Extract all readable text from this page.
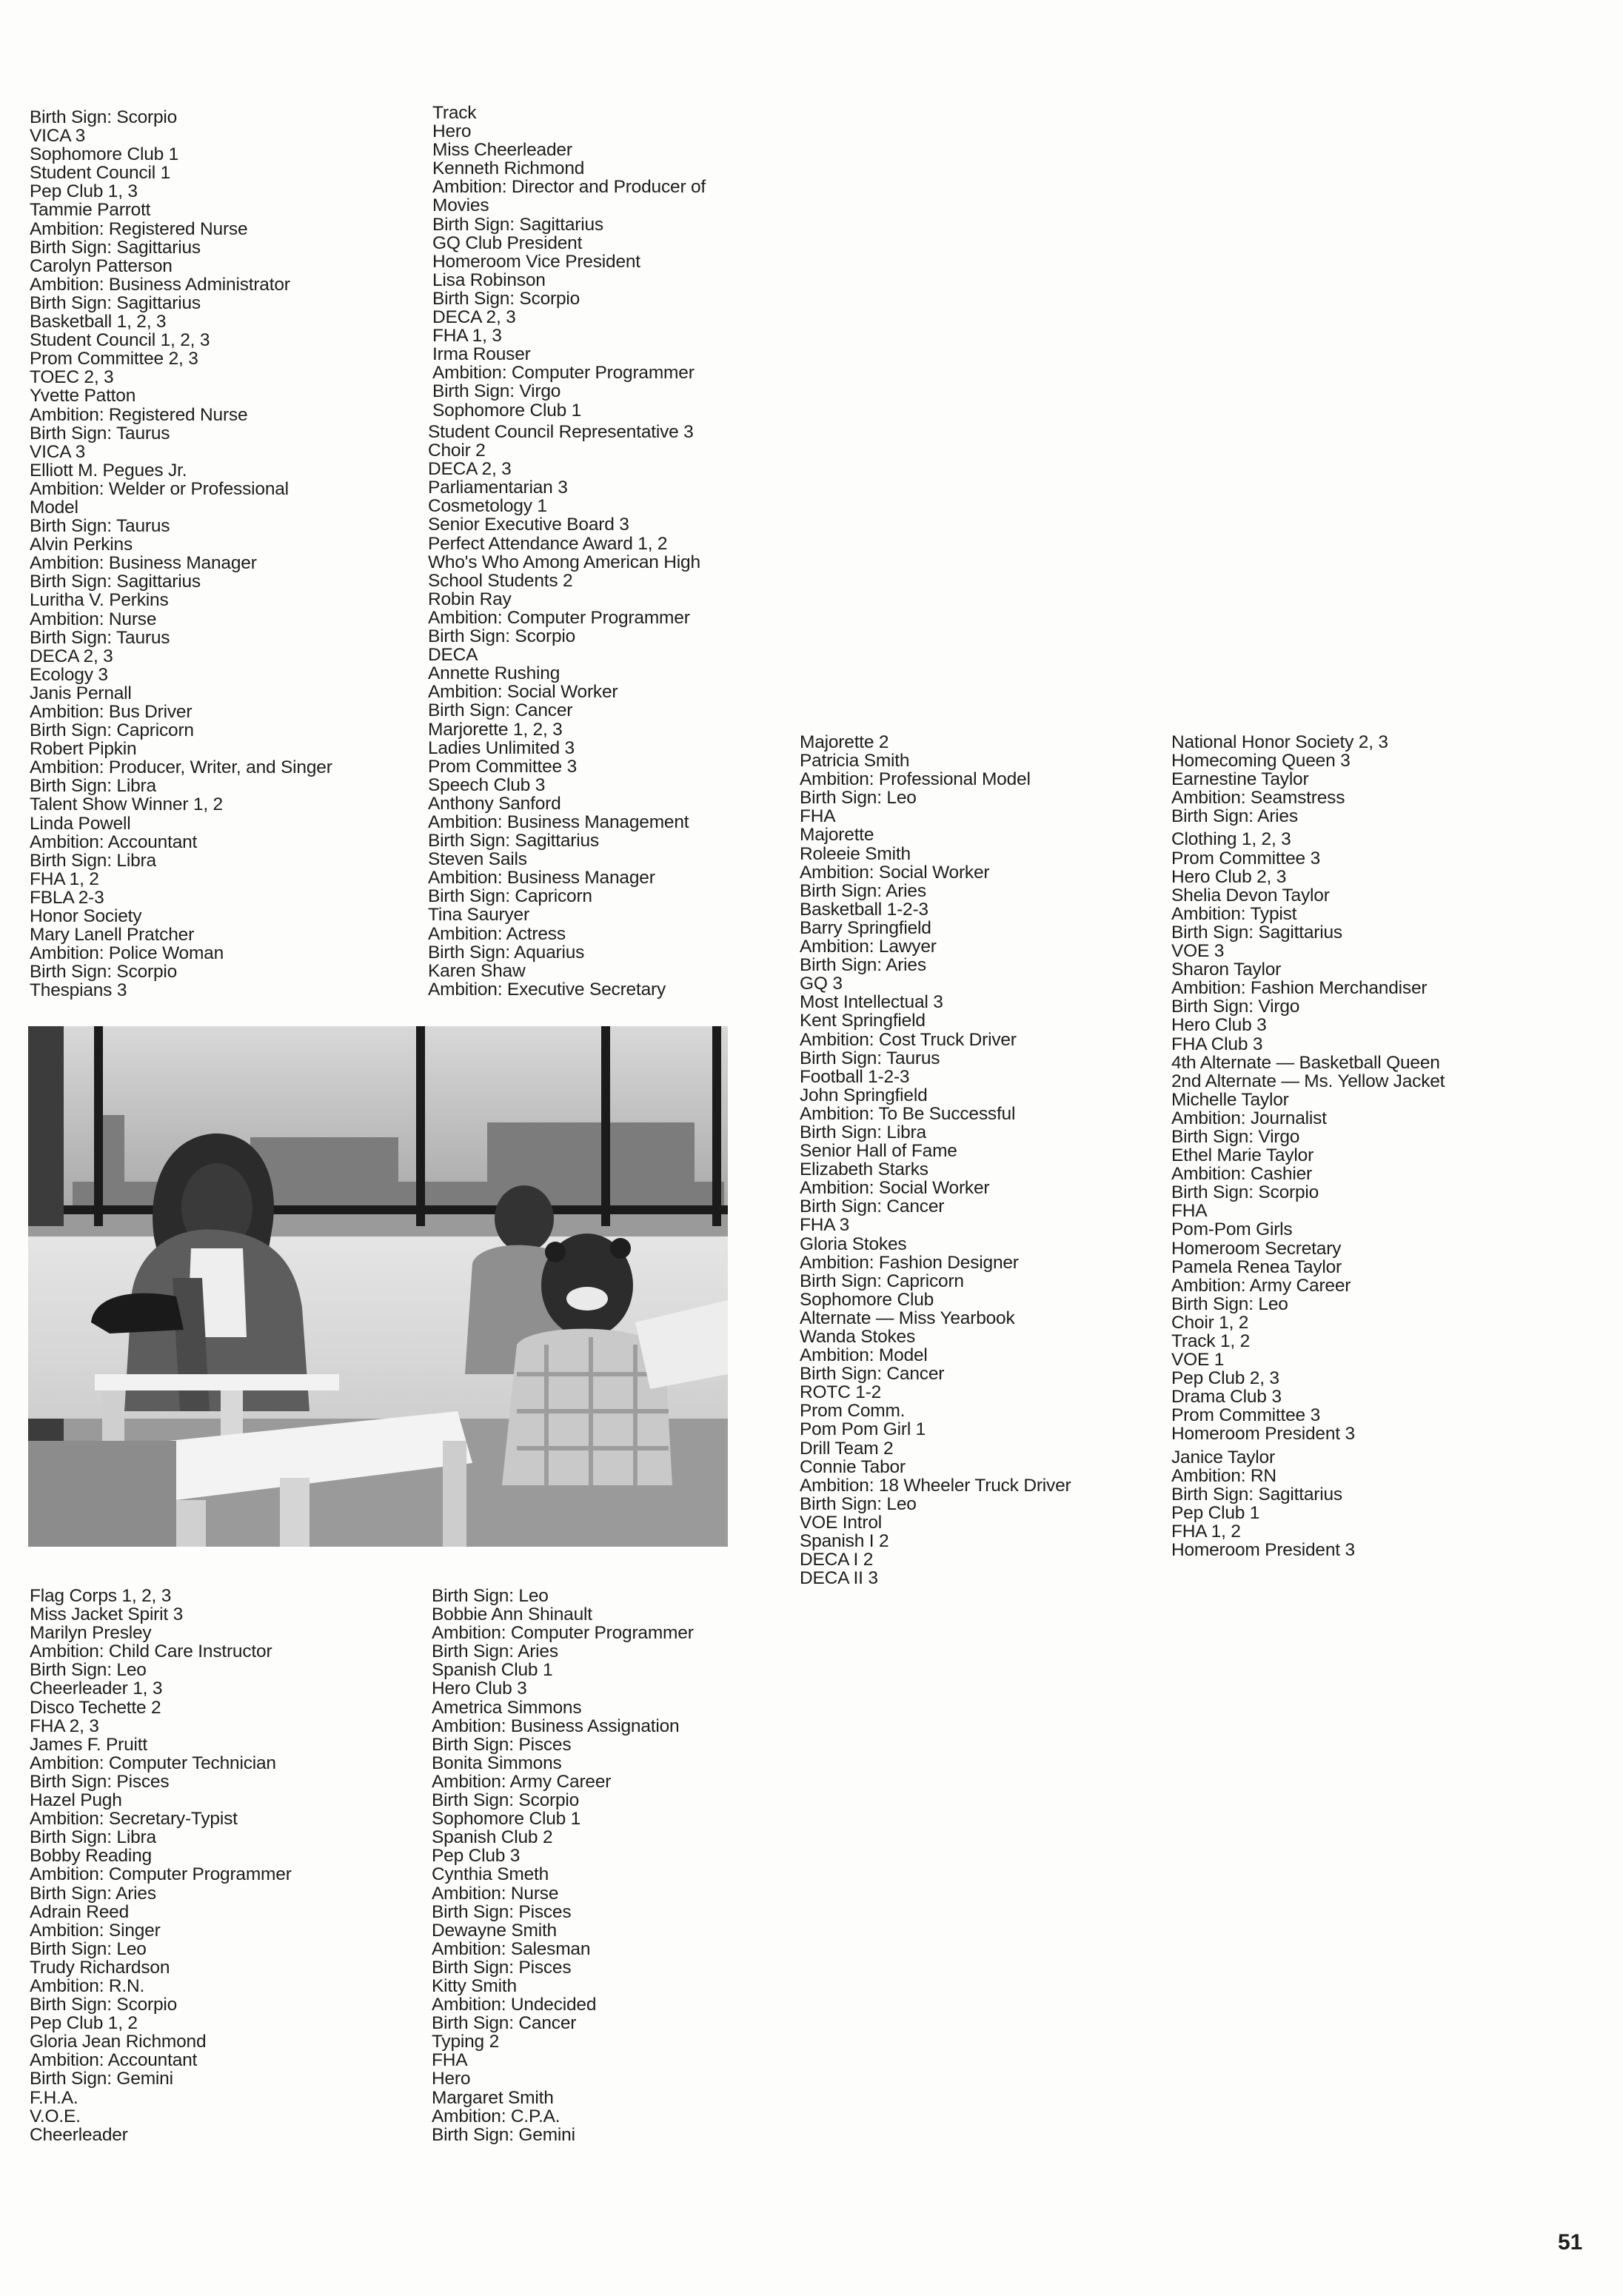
Birth Sign: Scorpio
VICA 3
Sophomore Club 1
Student Council 1
Pep Club 1, 3
Tammie Parrott
Ambition: Registered Nurse
Birth Sign: Sagittarius
Carolyn Patterson
Ambition: Business Administrator
Birth Sign: Sagittarius
Basketball 1, 2, 3
Student Council 1, 2, 3
Prom Committee 2, 3
TOEC 2, 3
Yvette Patton
Ambition: Registered Nurse
Birth Sign: Taurus
VICA 3
Elliott M. Pegues Jr.
Ambition: Welder or Professional
Model
Birth Sign: Taurus
Alvin Perkins
Ambition: Business Manager
Birth Sign: Sagittarius
Luritha V. Perkins
Ambition: Nurse
Birth Sign: Taurus
DECA 2, 3
Ecology 3
Janis Pernall
Ambition: Bus Driver
Birth Sign: Capricorn
Robert Pipkin
Ambition: Producer, Writer, and Singer
Birth Sign: Libra
Talent Show Winner 1, 2
Linda Powell
Ambition: Accountant
Birth Sign: Libra
FHA 1, 2
FBLA 2-3
Honor Society
Mary Lanell Pratcher
Ambition: Police Woman
Birth Sign: Scorpio
Thespians 3
Track
Hero
Miss Cheerleader
Kenneth Richmond
Ambition: Director and Producer of
Movies
Birth Sign: Sagittarius
GQ Club President
Homeroom Vice President
Lisa Robinson
Birth Sign: Scorpio
DECA 2, 3
FHA 1, 3
Irma Rouser
Ambition: Computer Programmer
Birth Sign: Virgo
Sophomore Club 1
Student Council Representative 3
Choir 2
DECA 2, 3
Parliamentarian 3
Cosmetology 1
Senior Executive Board 3
Perfect Attendance Award 1, 2
Who's Who Among American High
School Students 2
Robin Ray
Ambition: Computer Programmer
Birth Sign: Scorpio
DECA
Annette Rushing
Ambition: Social Worker
Birth Sign: Cancer
Marjorette 1, 2, 3
Ladies Unlimited 3
Prom Committee 3
Speech Club 3
Anthony Sanford
Ambition: Business Management
Birth Sign: Sagittarius
Steven Sails
Ambition: Business Manager
Birth Sign: Capricorn
Tina Sauryer
Ambition: Actress
Birth Sign: Aquarius
Karen Shaw
Ambition: Executive Secretary
Majorette 2
Patricia Smith
Ambition: Professional Model
Birth Sign: Leo
FHA
Majorette
Roleeie Smith
Ambition: Social Worker
Birth Sign: Aries
Basketball 1-2-3
Barry Springfield
Ambition: Lawyer
Birth Sign: Aries
GQ 3
Most Intellectual 3
Kent Springfield
Ambition: Cost Truck Driver
Birth Sign: Taurus
Football 1-2-3
John Springfield
Ambition: To Be Successful
Birth Sign: Libra
Senior Hall of Fame
Elizabeth Starks
Ambition: Social Worker
Birth Sign: Cancer
FHA 3
Gloria Stokes
Ambition: Fashion Designer
Birth Sign: Capricorn
Sophomore Club
Alternate — Miss Yearbook
Wanda Stokes
Ambition: Model
Birth Sign: Cancer
ROTC 1-2
Prom Comm.
Pom Pom Girl 1
Drill Team 2
Connie Tabor
Ambition: 18 Wheeler Truck Driver
Birth Sign: Leo
VOE Introl
Spanish I 2
DECA I 2
DECA II 3
National Honor Society 2, 3
Homecoming Queen 3
Earnestine Taylor
Ambition: Seamstress
Birth Sign: Aries
Clothing 1, 2, 3
Prom Committee 3
Hero Club 2, 3
Shelia Devon Taylor
Ambition: Typist
Birth Sign: Sagittarius
VOE 3
Sharon Taylor
Ambition: Fashion Merchandiser
Birth Sign: Virgo
Hero Club 3
FHA Club 3
4th Alternate — Basketball Queen
2nd Alternate — Ms. Yellow Jacket
Michelle Taylor
Ambition: Journalist
Birth Sign: Virgo
Ethel Marie Taylor
Ambition: Cashier
Birth Sign: Scorpio
FHA
Pom-Pom Girls
Homeroom Secretary
Pamela Renea Taylor
Ambition: Army Career
Birth Sign: Leo
Choir 1, 2
Track 1, 2
VOE 1
Pep Club 2, 3
Drama Club 3
Prom Committee 3
Homeroom President 3
Janice Taylor
Ambition: RN
Birth Sign: Sagittarius
Pep Club 1
FHA 1, 2
Homeroom President 3
Flag Corps 1, 2, 3
Miss Jacket Spirit 3
Marilyn Presley
Ambition: Child Care Instructor
Birth Sign: Leo
Cheerleader 1, 3
Disco Techette 2
FHA 2, 3
James F. Pruitt
Ambition: Computer Technician
Birth Sign: Pisces
Hazel Pugh
Ambition: Secretary-Typist
Birth Sign: Libra
Bobby Reading
Ambition: Computer Programmer
Birth Sign: Aries
Adrain Reed
Ambition: Singer
Birth Sign: Leo
Trudy Richardson
Ambition: R.N.
Birth Sign: Scorpio
Pep Club 1, 2
Gloria Jean Richmond
Ambition: Accountant
Birth Sign: Gemini
F.H.A.
V.O.E.
Cheerleader
Birth Sign: Leo
Bobbie Ann Shinault
Ambition: Computer Programmer
Birth Sign: Aries
Spanish Club 1
Hero Club 3
Ametrica Simmons
Ambition: Business Assignation
Birth Sign: Pisces
Bonita Simmons
Ambition: Army Career
Birth Sign: Scorpio
Sophomore Club 1
Spanish Club 2
Pep Club 3
Cynthia Smeth
Ambition: Nurse
Birth Sign: Pisces
Dewayne Smith
Ambition: Salesman
Birth Sign: Pisces
Kitty Smith
Ambition: Undecided
Birth Sign: Cancer
Typing 2
FHA
Hero
Margaret Smith
Ambition: C.P.A.
Birth Sign: Gemini
51
